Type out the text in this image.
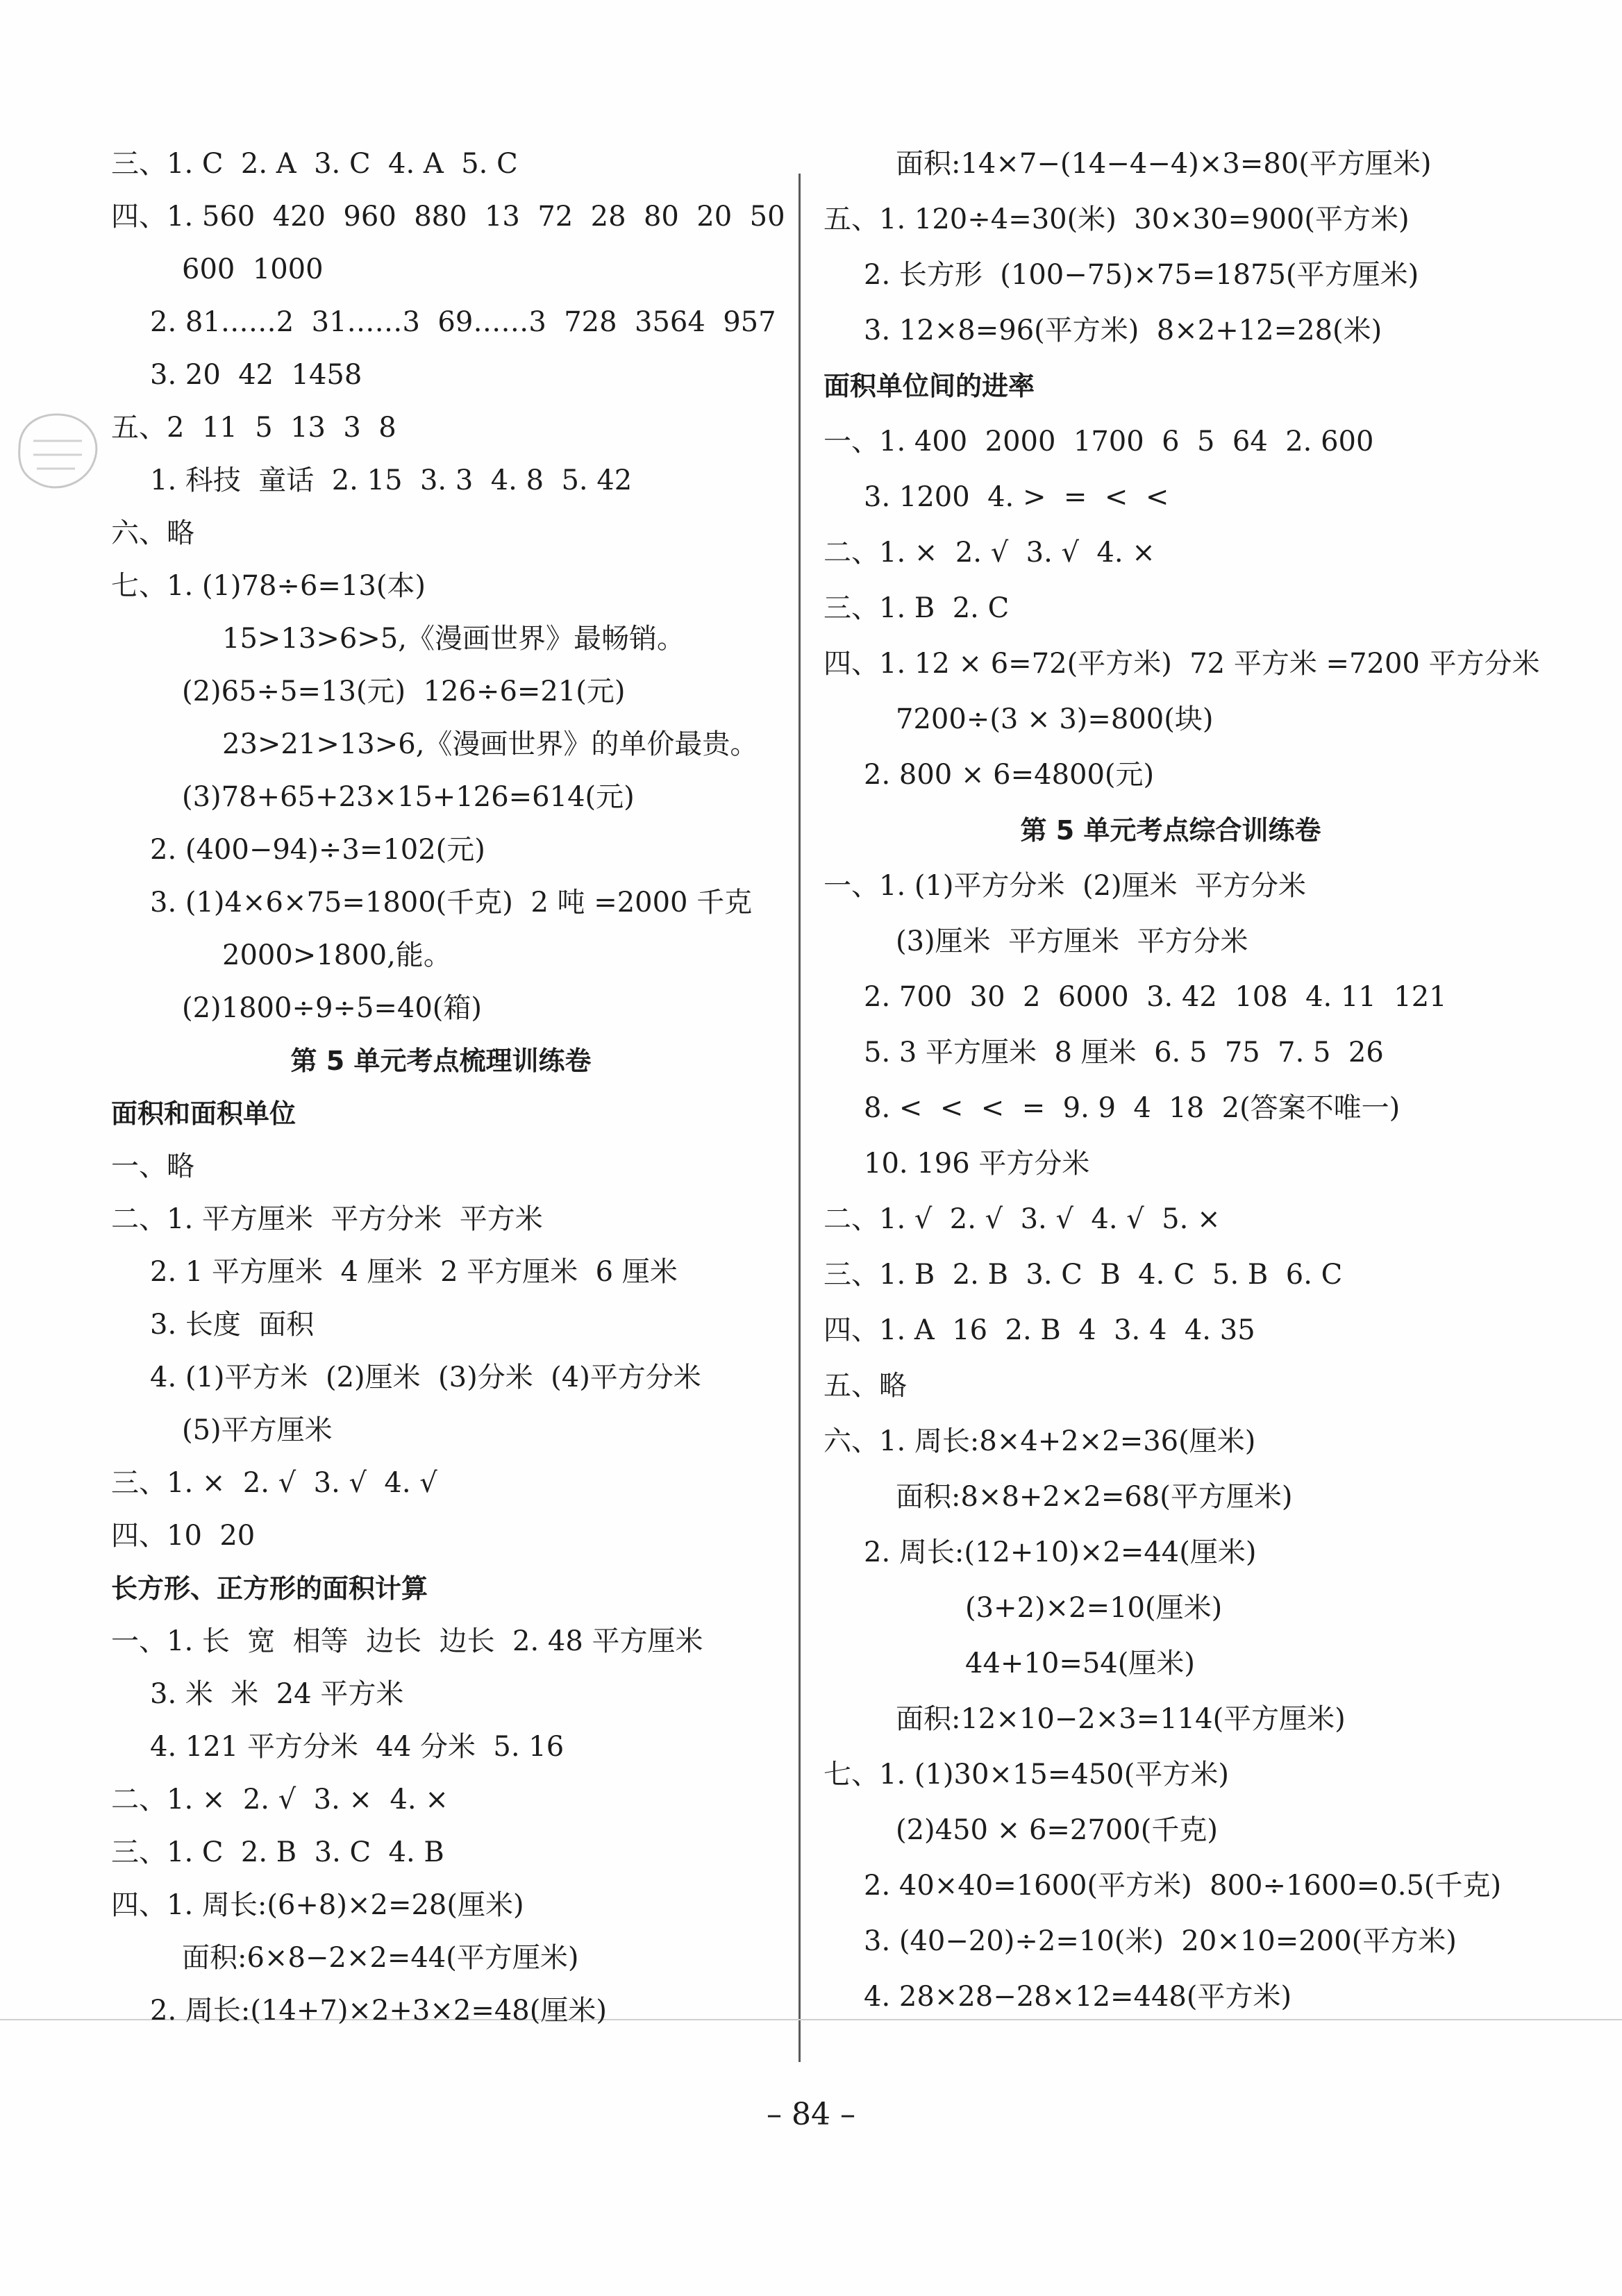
三、1. C  2. A  3. C  4. A  5. C
四、1. 560  420  960  880  13  72  28  80  20  50
600  1000
2. 81……2  31……3  69……3  728  3564  957
3. 20  42  1458
五、2  11  5  13  3  8
1. 科技  童话  2. 15  3. 3  4. 8  5. 42
六、略
七、1. (1)78÷6=13(本)
15>13>6>5,《漫画世界》最畅销。
(2)65÷5=13(元)  126÷6=21(元)
23>21>13>6,《漫画世界》的单价最贵。
(3)78+65+23×15+126=614(元)
2. (400−94)÷3=102(元)
3. (1)4×6×75=1800(千克)  2 吨 =2000 千克
2000>1800,能。
(2)1800÷9÷5=40(箱)
第 5 单元考点梳理训练卷
面积和面积单位
一、略
二、1. 平方厘米  平方分米  平方米
2. 1 平方厘米  4 厘米  2 平方厘米  6 厘米
3. 长度  面积
4. (1)平方米  (2)厘米  (3)分米  (4)平方分米
(5)平方厘米
三、1. ×  2. √  3. √  4. √
四、10  20
长方形、正方形的面积计算
一、1. 长  宽  相等  边长  边长  2. 48 平方厘米
3. 米  米  24 平方米
4. 121 平方分米  44 分米  5. 16
二、1. ×  2. √  3. ×  4. ×
三、1. C  2. B  3. C  4. B
四、1. 周长:(6+8)×2=28(厘米)
面积:6×8−2×2=44(平方厘米)
2. 周长:(14+7)×2+3×2=48(厘米)
面积:14×7−(14−4−4)×3=80(平方厘米)
五、1. 120÷4=30(米)  30×30=900(平方米)
2. 长方形  (100−75)×75=1875(平方厘米)
3. 12×8=96(平方米)  8×2+12=28(米)
面积单位间的进率
一、1. 400  2000  1700  6  5  64  2. 600
3. 1200  4. >  =  <  <
二、1. ×  2. √  3. √  4. ×
三、1. B  2. C
四、1. 12 × 6=72(平方米)  72 平方米 =7200 平方分米
7200÷(3 × 3)=800(块)
2. 800 × 6=4800(元)
第 5 单元考点综合训练卷
一、1. (1)平方分米  (2)厘米  平方分米
(3)厘米  平方厘米  平方分米
2. 700  30  2  6000  3. 42  108  4. 11  121
5. 3 平方厘米  8 厘米  6. 5  75  7. 5  26
8. <  <  <  =  9. 9  4  18  2(答案不唯一)
10. 196 平方分米
二、1. √  2. √  3. √  4. √  5. ×
三、1. B  2. B  3. C  B  4. C  5. B  6. C
四、1. A  16  2. B  4  3. 4  4. 35
五、略
六、1. 周长:8×4+2×2=36(厘米)
面积:8×8+2×2=68(平方厘米)
2. 周长:(12+10)×2=44(厘米)
(3+2)×2=10(厘米)
44+10=54(厘米)
面积:12×10−2×3=114(平方厘米)
七、1. (1)30×15=450(平方米)
(2)450 × 6=2700(千克)
2. 40×40=1600(平方米)  800÷1600=0.5(千克)
3. (40−20)÷2=10(米)  20×10=200(平方米)
4. 28×28−28×12=448(平方米)
– 84 –
